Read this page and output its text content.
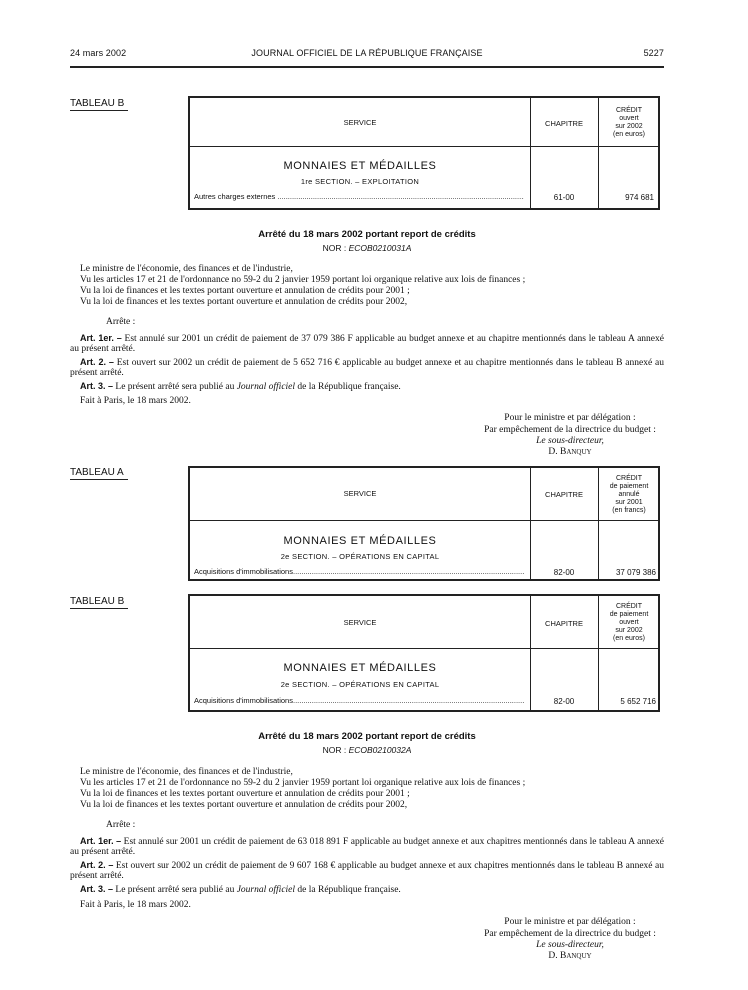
24 mars 2002	JOURNAL OFFICIEL DE LA RÉPUBLIQUE FRANÇAISE	5227
TABLEAU B
SERVICE	CHAPITRE
CRÉDIT
ouvert
sur 2002
(en euros)
MONNAIES ET MÉDAILLES
1re SECTION. – EXPLOITATION
Autres charges externes .....	61-00	974 681
Arrêté du 18 mars 2002 portant report de crédits
NOR : ECOB0210031A
Le ministre de l'économie, des finances et de l'industrie,
Vu les articles 17 et 21 de l'ordonnance no 59-2 du 2 janvier 1959 portant loi organique relative aux lois de finances ;
Vu la loi de finances et les textes portant ouverture et annulation de crédits pour 2001 ;
Vu la loi de finances et les textes portant ouverture et annulation de crédits pour 2002,
Arrête :
Art. 1er. – Est annulé sur 2001 un crédit de paiement de 37 079 386 F applicable au budget annexe et au chapitre mentionnés dans le tableau A annexé au présent arrêté.
Art. 2. – Est ouvert sur 2002 un crédit de paiement de 5 652 716 € applicable au budget annexe et au chapitre mentionnés dans le tableau B annexé au présent arrêté.
Art. 3. – Le présent arrêté sera publié au Journal officiel de la République française.
Fait à Paris, le 18 mars 2002.
Pour le ministre et par délégation :
Par empêchement de la directrice du budget :
Le sous-directeur,
D. Banquy
TABLEAU A
SERVICE	CHAPITRE
CRÉDIT
de paiement
annulé
sur 2001
(en francs)
MONNAIES ET MÉDAILLES
2e SECTION. – OPÉRATIONS EN CAPITAL
Acquisitions d'immobilisations .....	82-00	37 079 386
TABLEAU B
SERVICE	CHAPITRE
CRÉDIT
de paiement
ouvert
sur 2002
(en euros)
MONNAIES ET MÉDAILLES
2e SECTION. – OPÉRATIONS EN CAPITAL
Acquisitions d'immobilisations .....	82-00	5 652 716
Arrêté du 18 mars 2002 portant report de crédits
NOR : ECOB0210032A
Le ministre de l'économie, des finances et de l'industrie,
Vu les articles 17 et 21 de l'ordonnance no 59-2 du 2 janvier 1959 portant loi organique relative aux lois de finances ;
Vu la loi de finances et les textes portant ouverture et annulation de crédits pour 2001 ;
Vu la loi de finances et les textes portant ouverture et annulation de crédits pour 2002,
Arrête :
Art. 1er. – Est annulé sur 2001 un crédit de paiement de 63 018 891 F applicable au budget annexe et aux chapitres mentionnés dans le tableau A annexé au présent arrêté.
Art. 2. – Est ouvert sur 2002 un crédit de paiement de 9 607 168 € applicable au budget annexe et aux chapitres mentionnés dans le tableau B annexé au présent arrêté.
Art. 3. – Le présent arrêté sera publié au Journal officiel de la République française.
Fait à Paris, le 18 mars 2002.
Pour le ministre et par délégation :
Par empêchement de la directrice du budget :
Le sous-directeur,
D. Banquy
